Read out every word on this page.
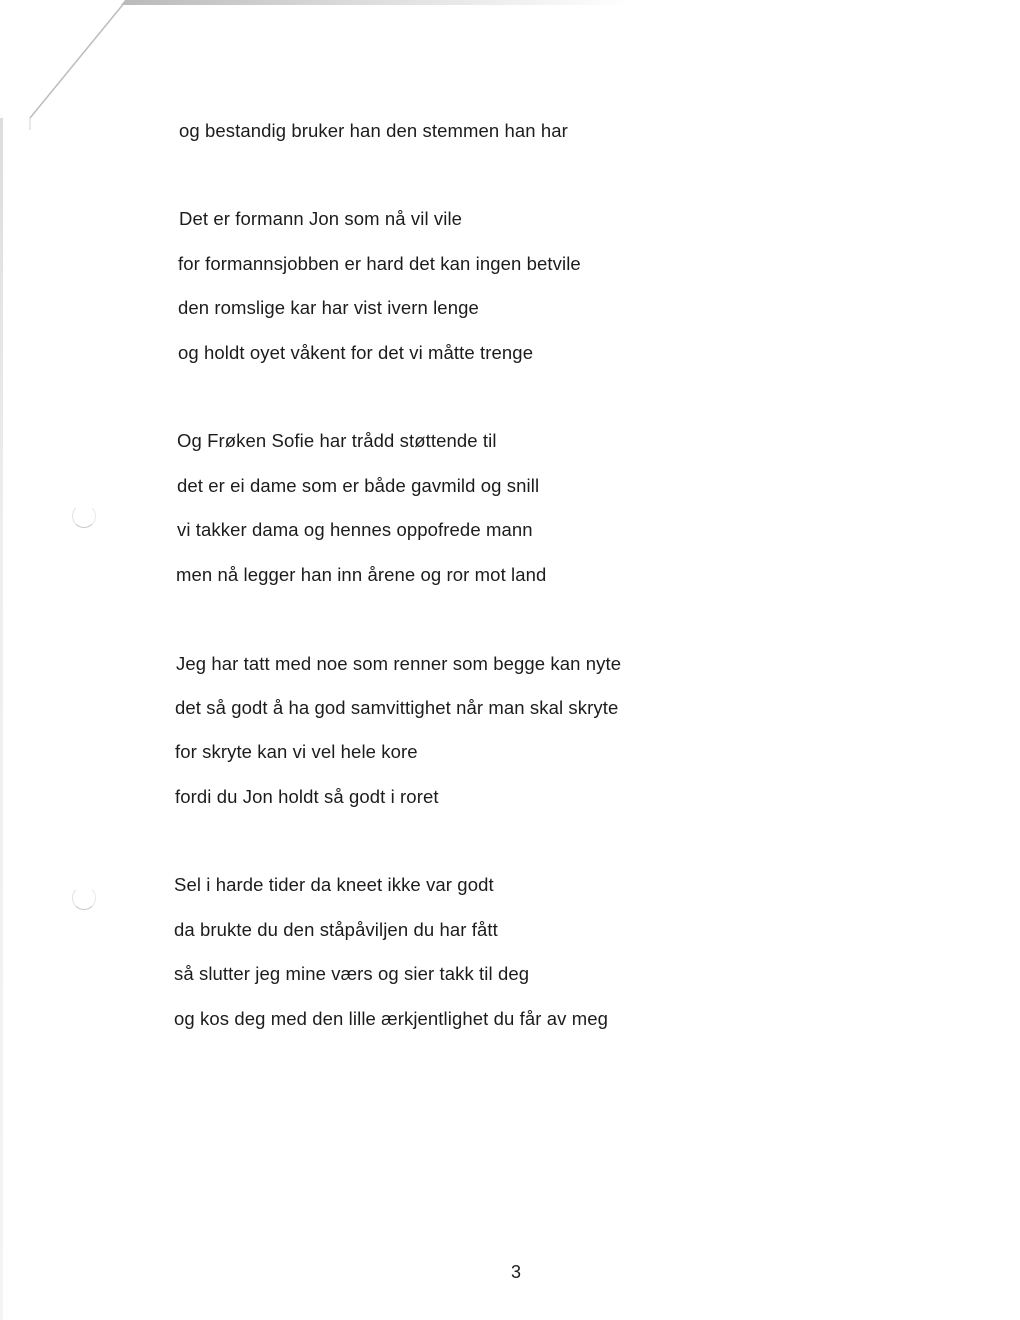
og bestandig bruker han den stemmen han har
Det er formann Jon som nå vil vile
for formannsjobben er hard det kan ingen betvile
den romslige kar har vist ivern lenge
og holdt oyet våkent for det vi måtte trenge
Og Frøken Sofie har trådd støttende til
det er ei dame som er både gavmild og snill
vi takker dama og hennes oppofrede mann
men nå legger han inn årene og ror mot land
Jeg har tatt med noe som renner som begge kan nyte
det så godt å ha god samvittighet når man skal skryte
for skryte kan vi vel hele kore
fordi du Jon holdt så godt i roret
Sel i harde tider da kneet ikke var godt
da brukte du den ståpåviljen du har fått
så slutter jeg mine værs og sier takk til deg
og kos deg med den lille ærkjentlighet du får av meg
3
